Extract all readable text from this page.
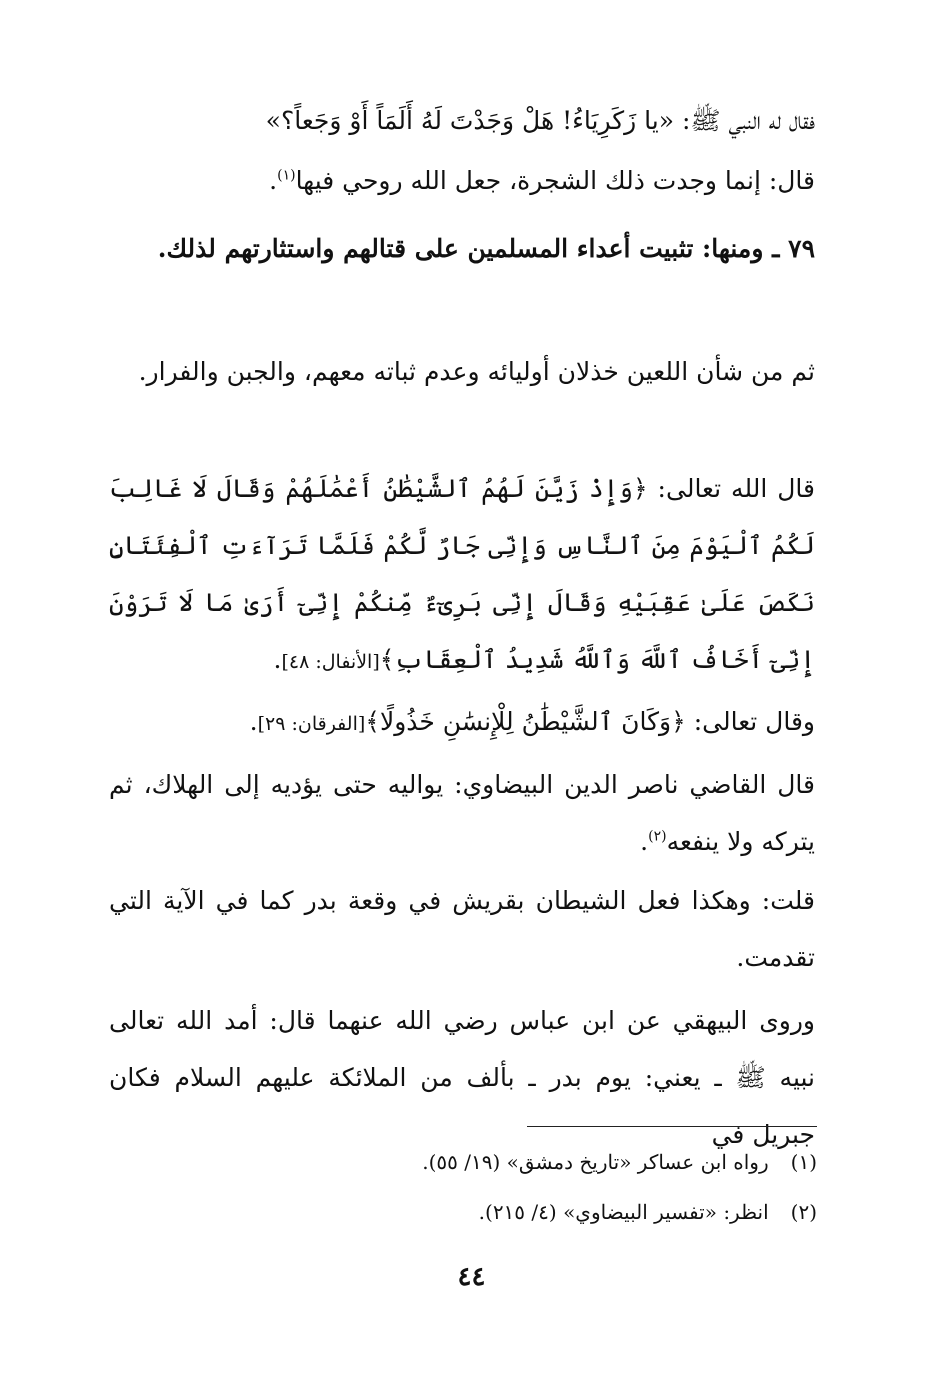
فقال له النبي ﷺ: «يا زَكَرِيَاءُ! هَلْ وَجَدْتَ لَهُ أَلَمَاً أَوْ وَجَعاً؟»

قال: إنما وجدت ذلك الشجرة، جعل الله روحي فيها$^{(١)}$.

٧٩ ـ ومنها: تثبيت أعداء المسلمين على قتالهم واستثارتهم لذلك.

ثم من شأن اللعين خذلان أوليائه وعدم ثباته معهم، والجبن والفرار.

قال الله تعالى: ﴿وَإِذْ زَيَّنَ لَهُمُ ٱلشَّيْطَٰنُ أَعْمَٰلَهُمْ وَقَالَ لَا غَالِبَ لَكُمُ ٱلْيَوْمَ مِنَ ٱلنَّاسِ وَإِنِّى جَارٌ لَّكُمْ فَلَمَّا تَرَآءَتِ ٱلْفِئَتَانِ نَكَصَ عَلَىٰ عَقِبَيْهِ وَقَالَ إِنِّى بَرِىٓءٌ مِّنكُمْ إِنِّىٓ أَرَىٰ مَا لَا تَرَوْنَ إِنِّىٓ أَخَافُ ٱللَّهَ وَٱللَّهُ شَدِيدُ ٱلْعِقَابِ﴾[الأنفال: ٤٨].

وقال تعالى: ﴿وَكَانَ ٱلشَّيْطَٰنُ لِلْإِنسَٰنِ خَذُولًا﴾[الفرقان: ٢٩].

قال القاضي ناصر الدين البيضاوي: يواليه حتى يؤديه إلى الهلاك، ثم يتركه ولا ينفعه$^{(٢)}$.

قلت: وهكذا فعل الشيطان بقريش في وقعة بدر كما في الآية التي تقدمت.

وروى البيهقي عن ابن عباس رضي الله عنهما قال: أمد الله تعالى نبيه ﷺ ـ يعني: يوم بدر ـ بألف من الملائكة عليهم السلام فكان جبريل في

(١)رواه ابن عساكر «تاريخ دمشق» (١٩/ ٥٥).

(٢)انظر: «تفسير البيضاوي» (٤/ ٢١٥).

٤٤
